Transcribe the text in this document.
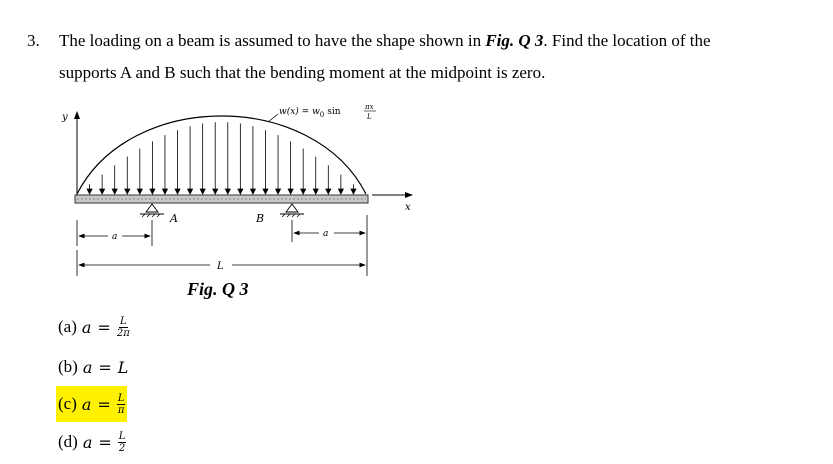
3. The loading on a beam is assumed to have the shape shown in Fig. Q 3. Find the location of the
supports A and B such that the bending moment at the midpoint is zero.
y
x
$w(x) = w_0$ sin	πx
L
A	B
a	a
L
Fig. Q 3
(a) $a = \frac{L}{2\pi}$
(b) a = L
(c) $a = \frac{L}{\pi}$
(d) $a = \frac{L}{2}$
